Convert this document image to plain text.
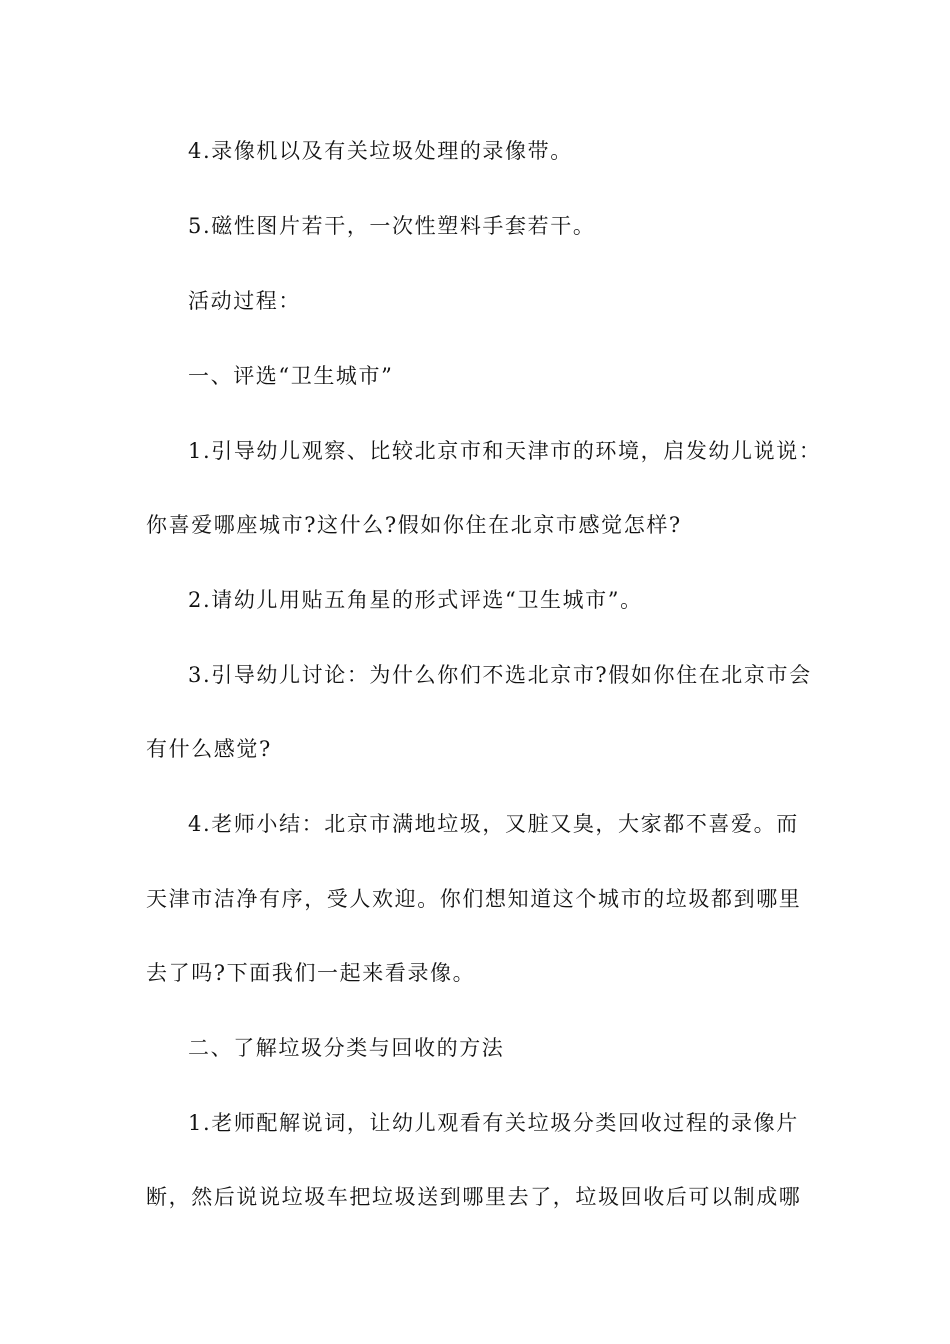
4.录像机以及有关垃圾处理的录像带。
5.磁性图片若干，一次性塑料手套若干。
活动过程：
一、评选“卫生城市”
1.引导幼儿观察、比较北京市和天津市的环境，启发幼儿说说：
你喜爱哪座城市?这什么?假如你住在北京市感觉怎样?
2.请幼儿用贴五角星的形式评选“卫生城市”。
3.引导幼儿讨论：为什么你们不选北京市?假如你住在北京市会
有什么感觉?
4.老师小结：北京市满地垃圾，又脏又臭，大家都不喜爱。而
天津市洁净有序，受人欢迎。你们想知道这个城市的垃圾都到哪里
去了吗?下面我们一起来看录像。
二、了解垃圾分类与回收的方法
1.老师配解说词，让幼儿观看有关垃圾分类回收过程的录像片
断，然后说说垃圾车把垃圾送到哪里去了，垃圾回收后可以制成哪
